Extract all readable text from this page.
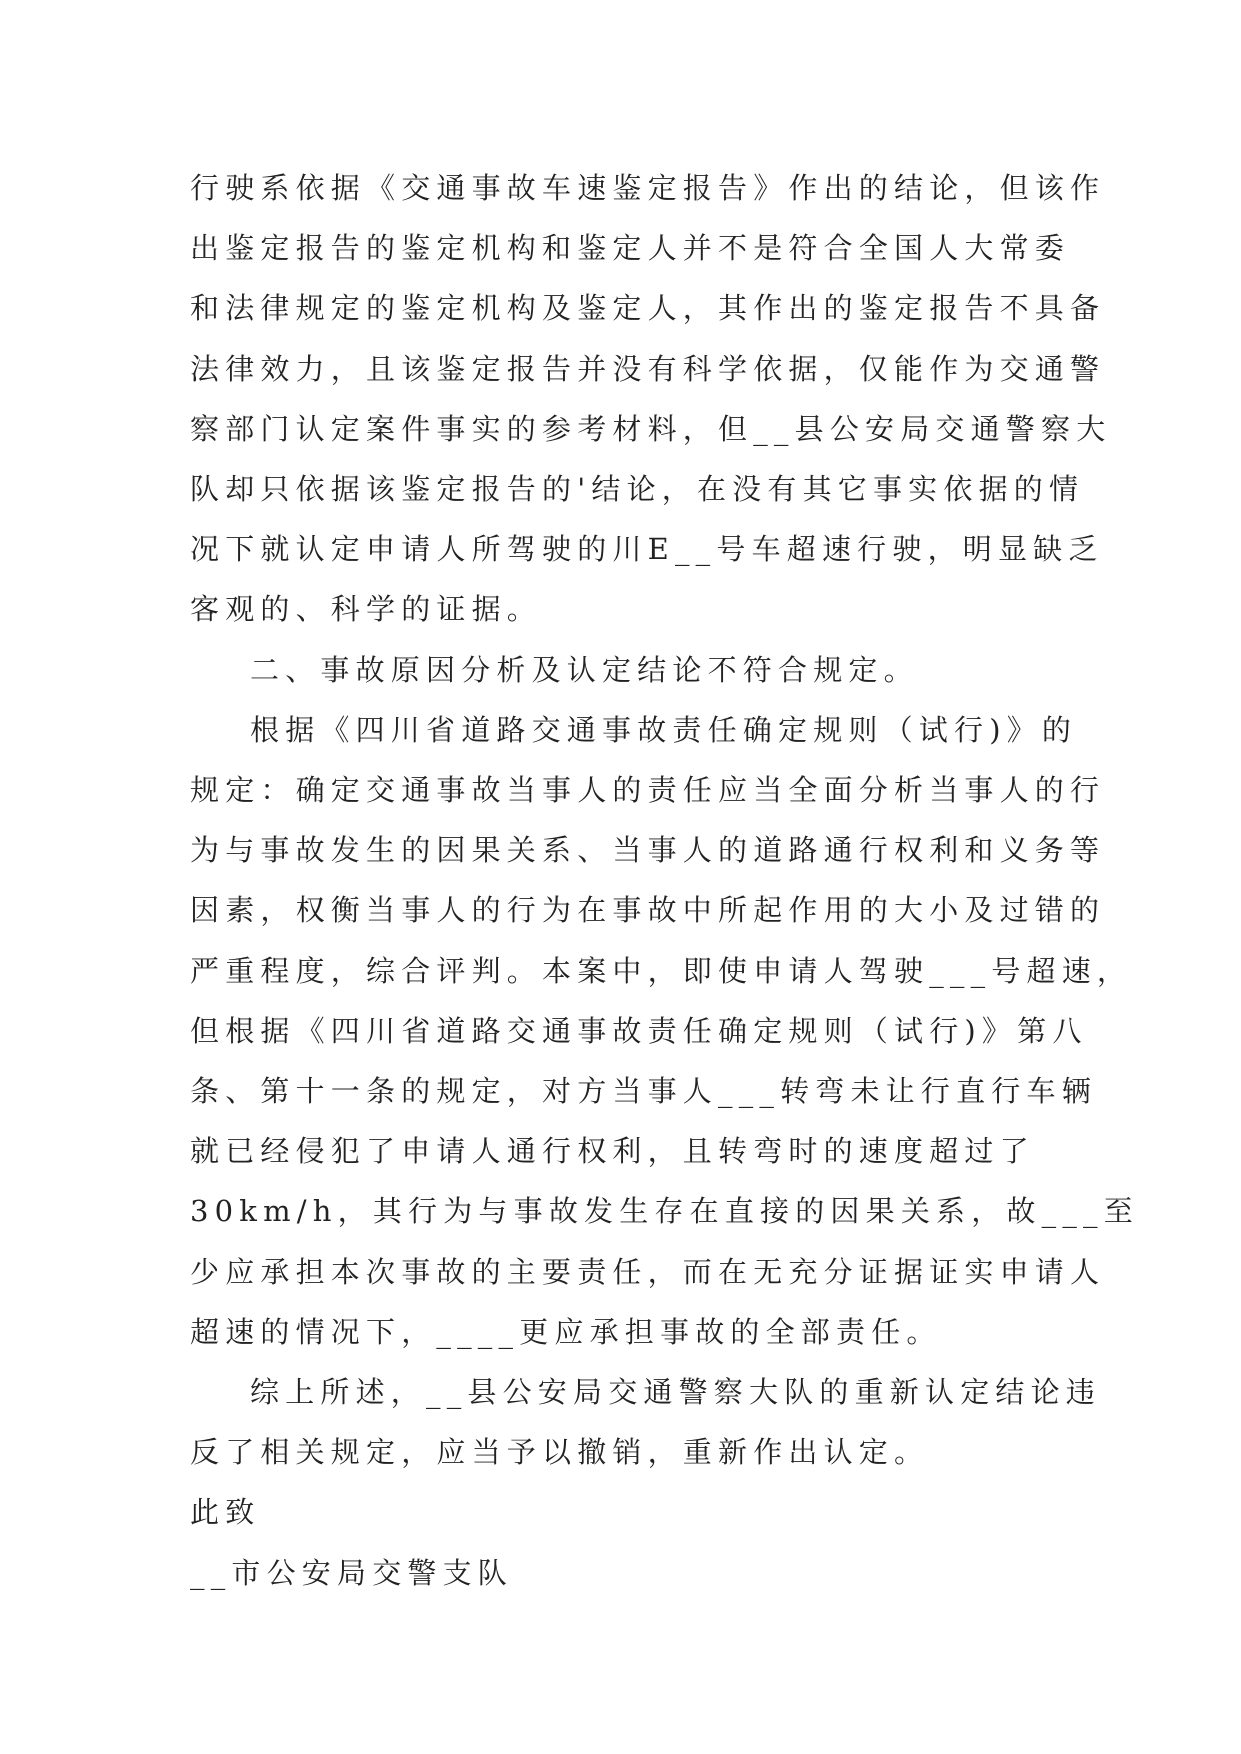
行驶系依据《交通事故车速鉴定报告》作出的结论，但该作
出鉴定报告的鉴定机构和鉴定人并不是符合全国人大常委
和法律规定的鉴定机构及鉴定人，其作出的鉴定报告不具备
法律效力，且该鉴定报告并没有科学依据，仅能作为交通警
察部门认定案件事实的参考材料，但__县公安局交通警察大
队却只依据该鉴定报告的'结论，在没有其它事实依据的情
况下就认定申请人所驾驶的川E__号车超速行驶，明显缺乏
客观的、科学的证据。
二、事故原因分析及认定结论不符合规定。
根据《四川省道路交通事故责任确定规则（试行)》的
规定：确定交通事故当事人的责任应当全面分析当事人的行
为与事故发生的因果关系、当事人的道路通行权利和义务等
因素，权衡当事人的行为在事故中所起作用的大小及过错的
严重程度，综合评判。本案中，即使申请人驾驶___号超速，
但根据《四川省道路交通事故责任确定规则（试行)》第八
条、第十一条的规定，对方当事人___转弯未让行直行车辆
就已经侵犯了申请人通行权利，且转弯时的速度超过了
30km/h，其行为与事故发生存在直接的因果关系，故___至
少应承担本次事故的主要责任，而在无充分证据证实申请人
超速的情况下，____更应承担事故的全部责任。
综上所述，__县公安局交通警察大队的重新认定结论违
反了相关规定，应当予以撤销，重新作出认定。
此致
__市公安局交警支队
